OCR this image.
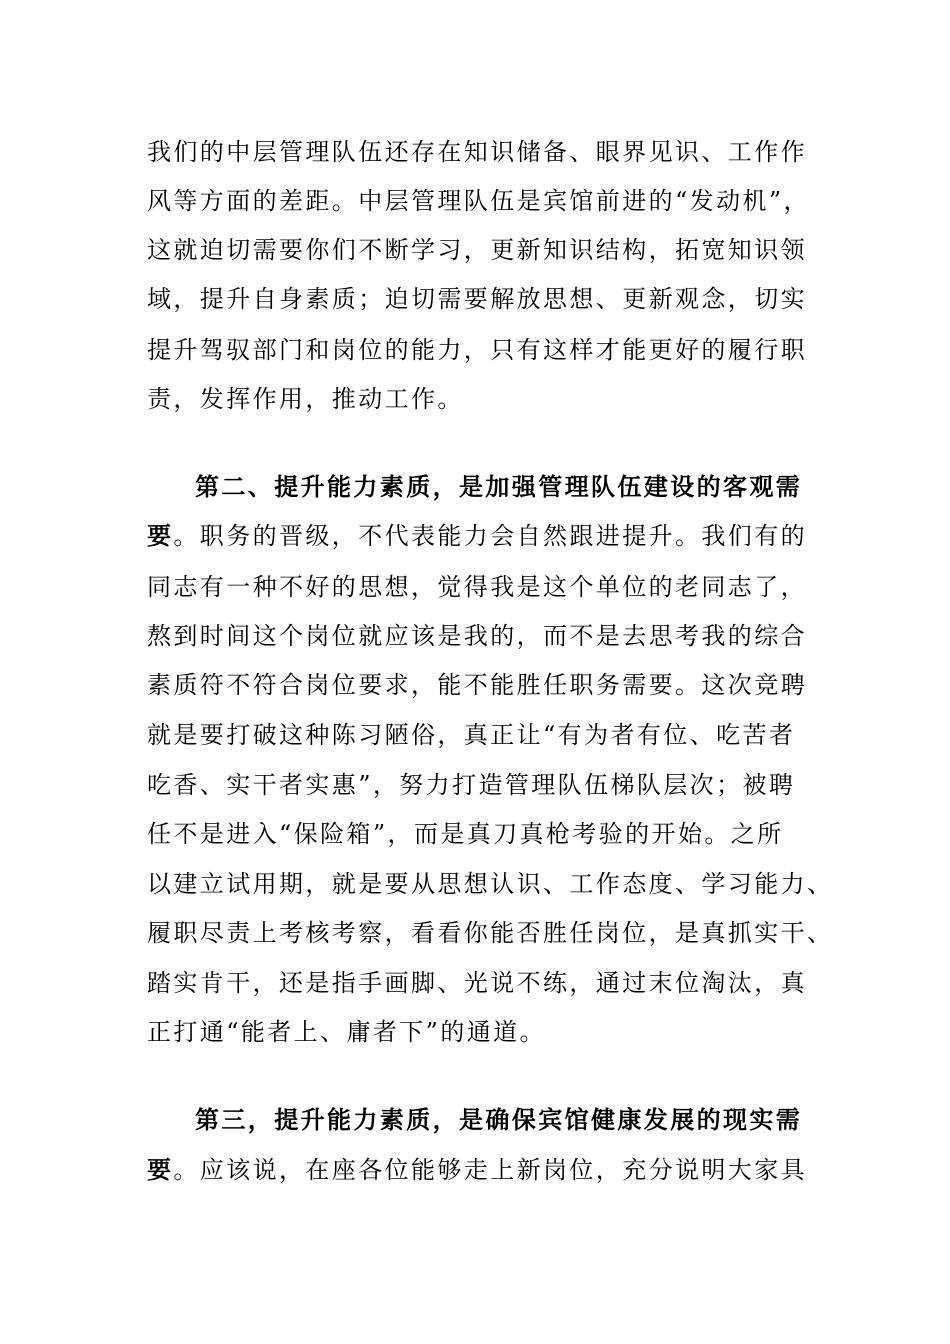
我们的中层管理队伍还存在知识储备、眼界见识、工作作
风等方面的差距。中层管理队伍是宾馆前进的“发动机”，
这就迫切需要你们不断学习，更新知识结构，拓宽知识领
域，提升自身素质；迫切需要解放思想、更新观念，切实
提升驾驭部门和岗位的能力，只有这样才能更好的履行职
责，发挥作用，推动工作。
第二、提升能力素质，是加强管理队伍建设的客观需
要。职务的晋级，不代表能力会自然跟进提升。我们有的
同志有一种不好的思想，觉得我是这个单位的老同志了，
熬到时间这个岗位就应该是我的，而不是去思考我的综合
素质符不符合岗位要求，能不能胜任职务需要。这次竞聘
就是要打破这种陈习陋俗，真正让“有为者有位、吃苦者
吃香、实干者实惠”，努力打造管理队伍梯队层次；被聘
任不是进入“保险箱”，而是真刀真枪考验的开始。之所
以建立试用期，就是要从思想认识、工作态度、学习能力、
履职尽责上考核考察，看看你能否胜任岗位，是真抓实干、
踏实肯干，还是指手画脚、光说不练，通过末位淘汰，真
正打通“能者上、庸者下”的通道。
第三，提升能力素质，是确保宾馆健康发展的现实需
要。应该说，在座各位能够走上新岗位，充分说明大家具
